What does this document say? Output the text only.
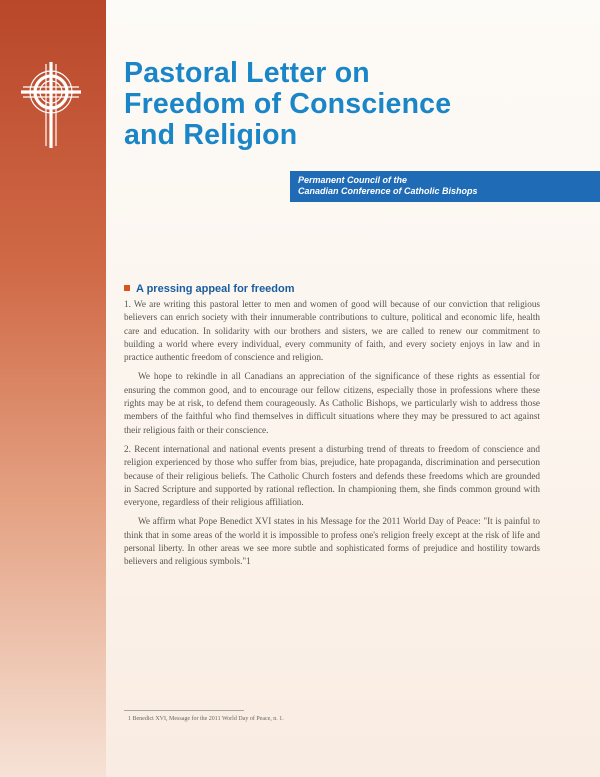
Pastoral Letter on
Freedom of Conscience
and Religion
Permanent Council of the
Canadian Conference of Catholic Bishops
A pressing appeal for freedom

1. We are writing this pastoral letter to men and women of good will because of our conviction that religious believers can enrich society with their innumerable contributions to culture, political and economic life, health care and education. In solidarity with our brothers and sisters, we are called to renew our commitment to building a world where every individual, every community of faith, and every society enjoys in law and in practice authentic freedom of conscience and religion.

We hope to rekindle in all Canadians an appreciation of the significance of these rights as essential for ensuring the common good, and to encourage our fellow citizens, especially those in professions where these rights may be at risk, to defend them courageously. As Catholic Bishops, we particularly wish to address those members of the faithful who find themselves in difficult situations where they may be pressured to act against their religious faith or their conscience.

2. Recent international and national events present a disturbing trend of threats to freedom of conscience and religion experienced by those who suffer from bias, prejudice, hate propaganda, discrimination and persecution because of their religious beliefs. The Catholic Church fosters and defends these freedoms which are grounded in Sacred Scripture and supported by rational reflection. In championing them, she finds common ground with everyone, regardless of their religious affiliation.

We affirm what Pope Benedict XVI states in his Message for the 2011 World Day of Peace: "It is painful to think that in some areas of the world it is impossible to profess one's religion freely except at the risk of life and personal liberty. In other areas we see more subtle and sophisticated forms of prejudice and hostility towards believers and religious symbols."1

1 Benedict XVI, Message for the 2011 World Day of Peace, n. 1.
